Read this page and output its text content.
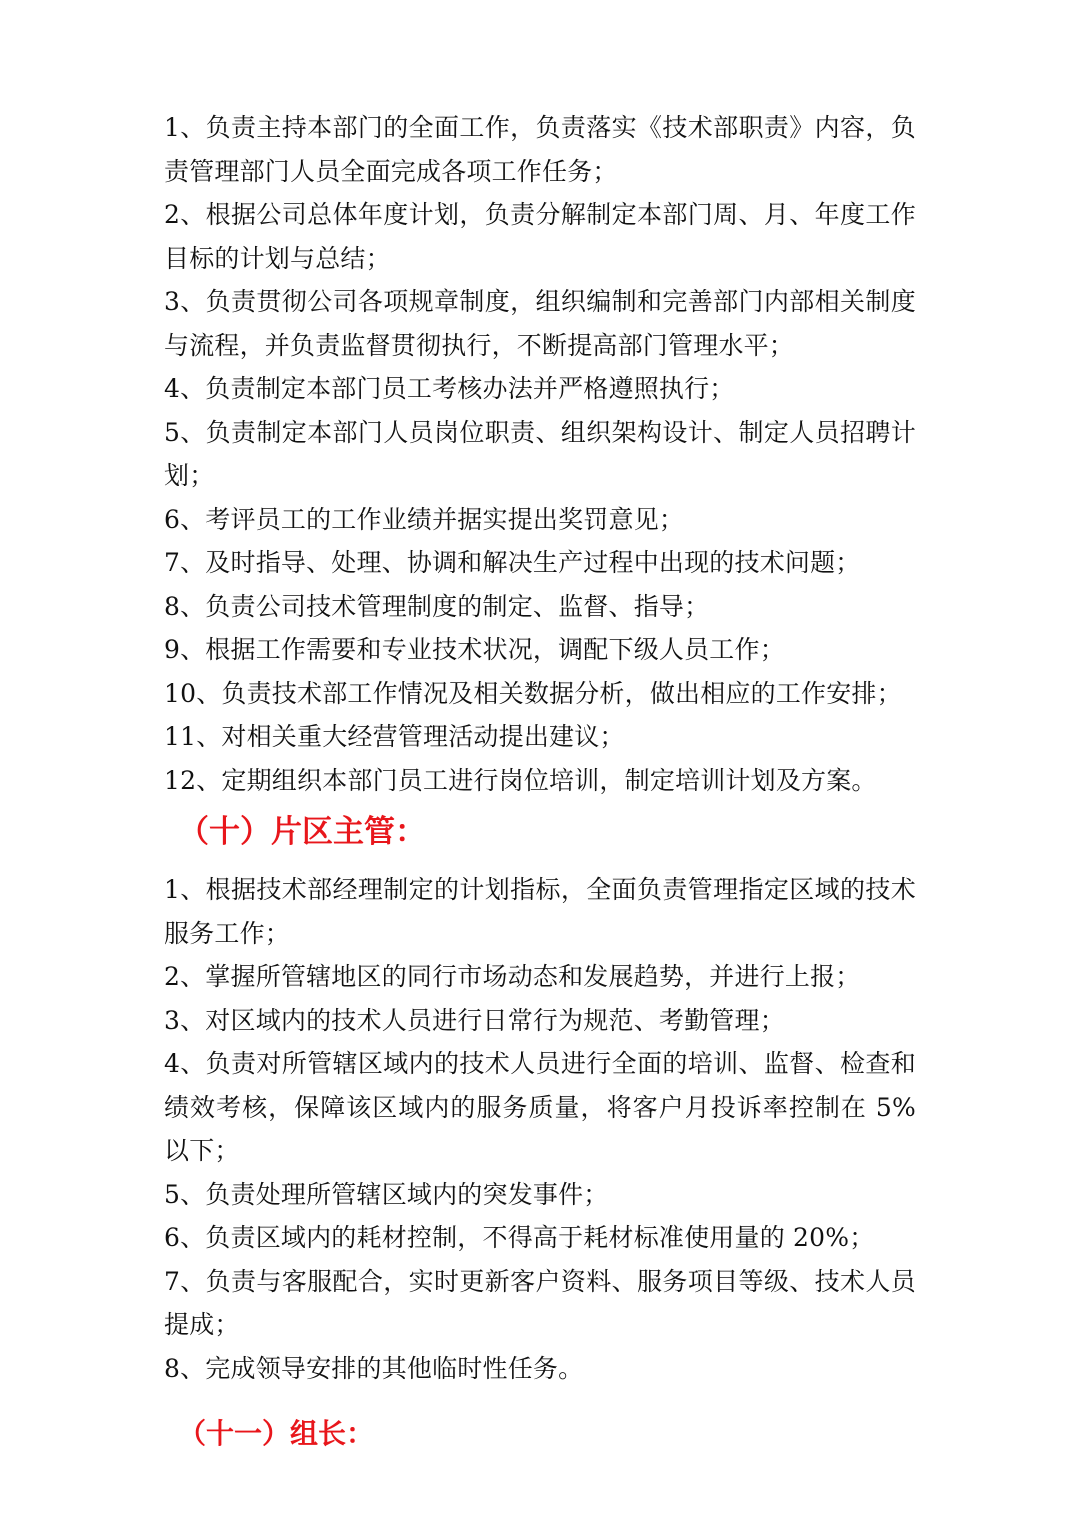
1、负责主持本部门的全面工作，负责落实《技术部职责》内容，负责管理部门人员全面完成各项工作任务；

2、根据公司总体年度计划，负责分解制定本部门周、月、年度工作目标的计划与总结；

3、负责贯彻公司各项规章制度，组织编制和完善部门内部相关制度与流程，并负责监督贯彻执行，不断提高部门管理水平；

4、负责制定本部门员工考核办法并严格遵照执行；

5、负责制定本部门人员岗位职责、组织架构设计、制定人员招聘计划；

6、考评员工的工作业绩并据实提出奖罚意见；

7、及时指导、处理、协调和解决生产过程中出现的技术问题；

8、负责公司技术管理制度的制定、监督、指导；

9、根据工作需要和专业技术状况，调配下级人员工作；

10、负责技术部工作情况及相关数据分析，做出相应的工作安排；

11、对相关重大经营管理活动提出建议；

12、定期组织本部门员工进行岗位培训，制定培训计划及方案。

（十）片区主管：

1、根据技术部经理制定的计划指标，全面负责管理指定区域的技术服务工作；

2、掌握所管辖地区的同行市场动态和发展趋势，并进行上报；

3、对区域内的技术人员进行日常行为规范、考勤管理；

4、负责对所管辖区域内的技术人员进行全面的培训、监督、检查和绩效考核，保障该区域内的服务质量，将客户月投诉率控制在 5%以下；

5、负责处理所管辖区域内的突发事件；

6、负责区域内的耗材控制，不得高于耗材标准使用量的 20%；

7、负责与客服配合，实时更新客户资料、服务项目等级、技术人员提成；

8、完成领导安排的其他临时性任务。

（十一）组长：
